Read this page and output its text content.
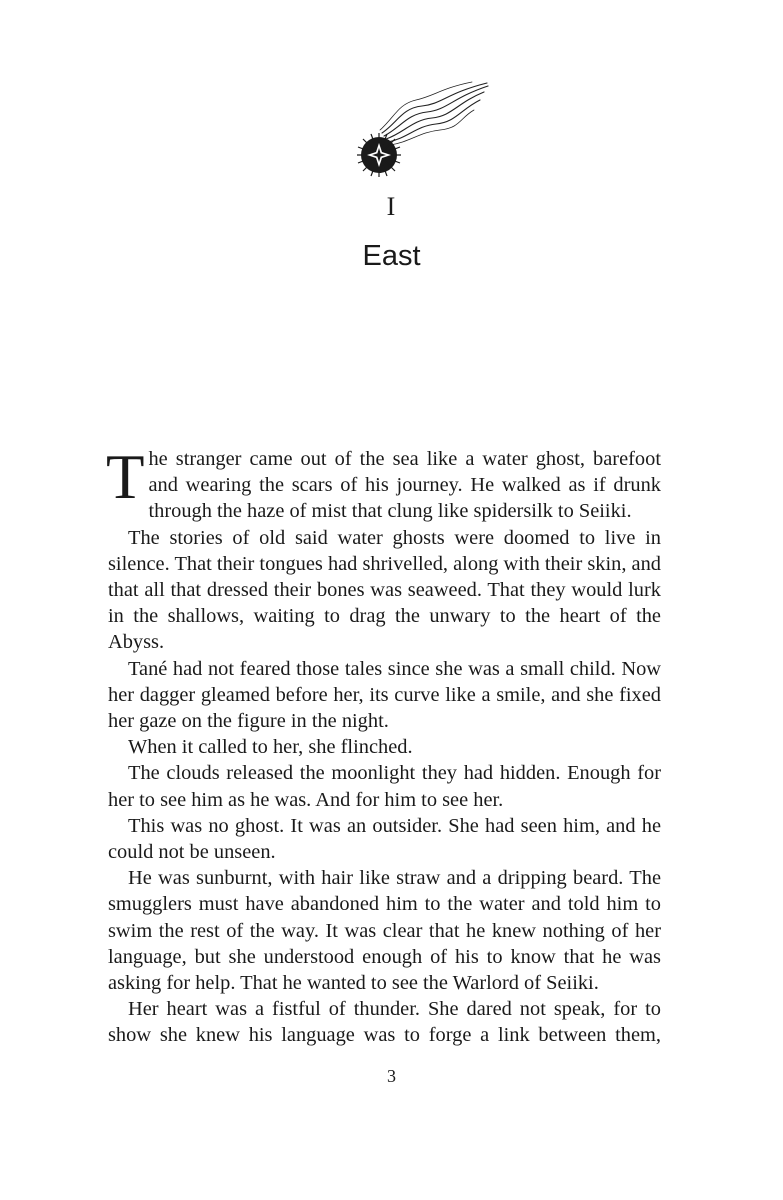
I
East

The stranger came out of the sea like a water ghost, barefoot and wearing the scars of his journey. He walked as if drunk through the haze of mist that clung like spidersilk to Seiiki.

The stories of old said water ghosts were doomed to live in silence. That their tongues had shrivelled, along with their skin, and that all that dressed their bones was seaweed. That they would lurk in the shallows, waiting to drag the unwary to the heart of the Abyss.

Tané had not feared those tales since she was a small child. Now her dagger gleamed before her, its curve like a smile, and she fixed her gaze on the figure in the night.

When it called to her, she flinched.

The clouds released the moonlight they had hidden. Enough for her to see him as he was. And for him to see her.

This was no ghost. It was an outsider. She had seen him, and he could not be unseen.

He was sunburnt, with hair like straw and a dripping beard. The smugglers must have abandoned him to the water and told him to swim the rest of the way. It was clear that he knew nothing of her language, but she understood enough of his to know that he was asking for help. That he wanted to see the Warlord of Seiiki.

Her heart was a fistful of thunder. She dared not speak, for to show she knew his language was to forge a link between them,

3
